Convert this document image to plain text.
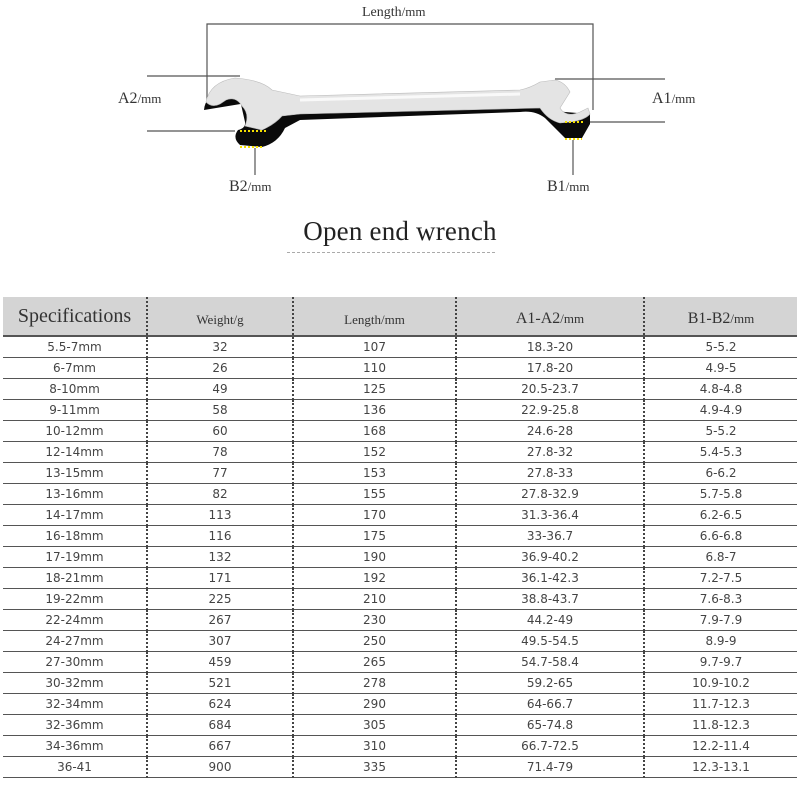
Length/mm
A2/mm	A1/mm
B2/mm	B1/mm
Open end wrench
Specifications	Weight/g	Length/mm	A1-A2/mm	B1-B2/mm
5.5-7mm	32	107	18.3-20	5-5.2
6-7mm	26	110	17.8-20	4.9-5
8-10mm	49	125	20.5-23.7	4.8-4.8
9-11mm	58	136	22.9-25.8	4.9-4.9
10-12mm	60	168	24.6-28	5-5.2
12-14mm	78	152	27.8-32	5.4-5.3
13-15mm	77	153	27.8-33	6-6.2
13-16mm	82	155	27.8-32.9	5.7-5.8
14-17mm	113	170	31.3-36.4	6.2-6.5
16-18mm	116	175	33-36.7	6.6-6.8
17-19mm	132	190	36.9-40.2	6.8-7
18-21mm	171	192	36.1-42.3	7.2-7.5
19-22mm	225	210	38.8-43.7	7.6-8.3
22-24mm	267	230	44.2-49	7.9-7.9
24-27mm	307	250	49.5-54.5	8.9-9
27-30mm	459	265	54.7-58.4	9.7-9.7
30-32mm	521	278	59.2-65	10.9-10.2
32-34mm	624	290	64-66.7	11.7-12.3
32-36mm	684	305	65-74.8	11.8-12.3
34-36mm	667	310	66.7-72.5	12.2-11.4
36-41	900	335	71.4-79	12.3-13.1
